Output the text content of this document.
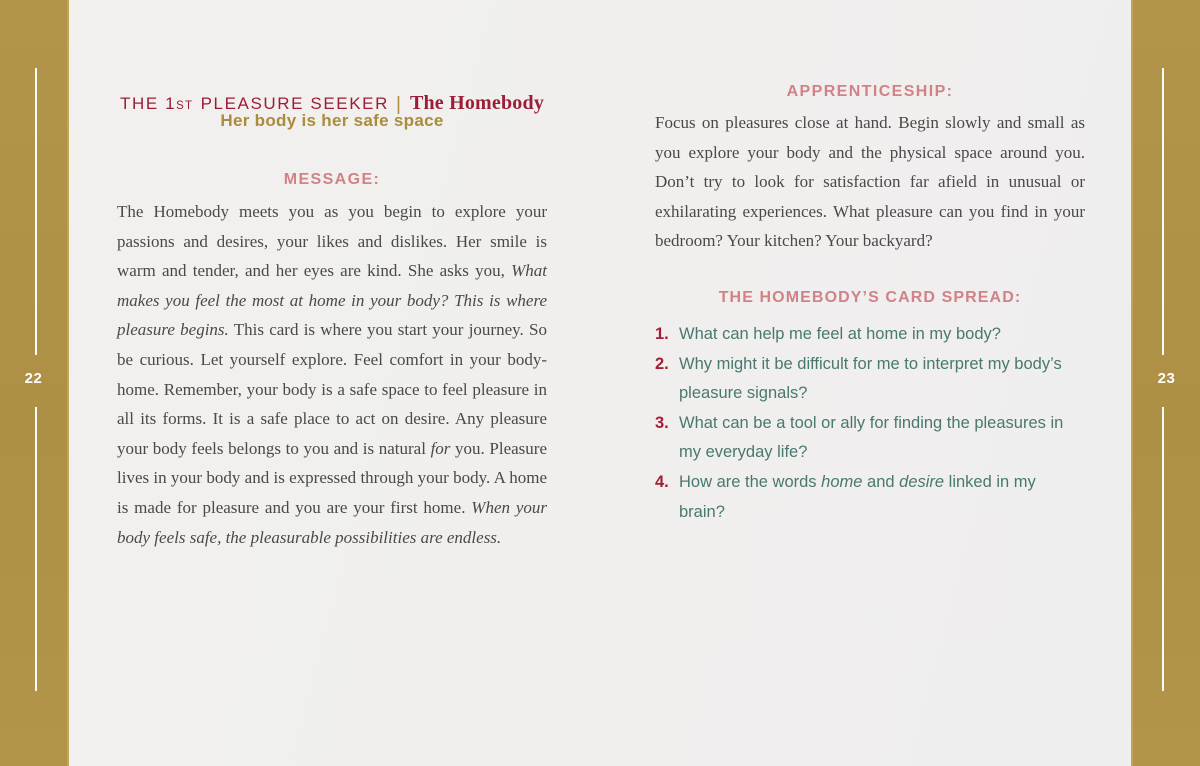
22	23
THE 1ST PLEASURE SEEKER | The Homebody
Her body is her safe space
MESSAGE:

The Homebody meets you as you begin to explore your passions and desires, your likes and dislikes. Her smile is warm and tender, and her eyes are kind. She asks you, What makes you feel the most at home in your body? This is where pleasure begins. This card is where you start your journey. So be curious. Let yourself explore. Feel comfort in your body-home. Remember, your body is a safe space to feel pleasure in all its forms. It is a safe place to act on desire. Any pleasure your body feels belongs to you and is natural for you. Pleasure lives in your body and is expressed through your body. A home is made for pleasure and you are your first home. When your body feels safe, the pleasurable possibilities are endless.

APPRENTICESHIP:

Focus on pleasures close at hand. Begin slowly and small as you explore your body and the physical space around you. Don’t try to look for satisfaction far afield in unusual or exhilarating experiences. What pleasure can you find in your bedroom? Your kitchen? Your backyard?

THE HOMEBODY’S CARD SPREAD:
1. What can help me feel at home in my body?
2. Why might it be difficult for me to interpret my body’s pleasure signals?
3. What can be a tool or ally for finding the pleasures in my everyday life?
4. How are the words home and desire linked in my brain?
